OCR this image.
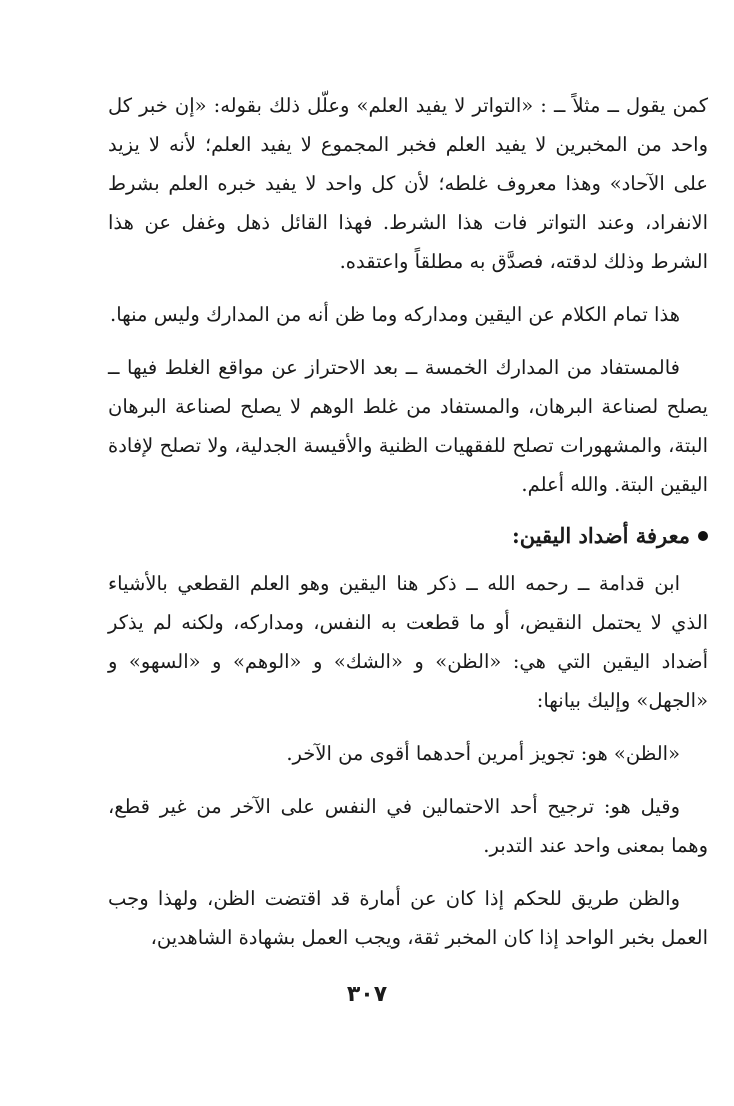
كمن يقول ــ مثلاً ــ : «التواتر لا يفيد العلم» وعلّل ذلك بقوله: «إن خبر كل واحد من المخبرين لا يفيد العلم فخبر المجموع لا يفيد العلم؛ لأنه لا يزيد على الآحاد» وهذا معروف غلطه؛ لأن كل واحد لا يفيد خبره العلم بشرط الانفراد، وعند التواتر فات هذا الشرط. فهذا القائل ذهل وغفل عن هذا الشرط وذلك لدقته، فصدَّق به مطلقاً واعتقده.

هذا تمام الكلام عن اليقين ومداركه وما ظن أنه من المدارك وليس منها.

فالمستفاد من المدارك الخمسة ــ بعد الاحتراز عن مواقع الغلط فيها ــ يصلح لصناعة البرهان، والمستفاد من غلط الوهم لا يصلح لصناعة البرهان البتة، والمشهورات تصلح للفقهيات الظنية والأقيسة الجدلية، ولا تصلح لإفادة اليقين البتة. والله أعلم.

معرفة أضداد اليقين:

ابن قدامة ــ رحمه الله ــ ذكر هنا اليقين وهو العلم القطعي بالأشياء الذي لا يحتمل النقيض، أو ما قطعت به النفس، ومداركه، ولكنه لم يذكر أضداد اليقين التي هي: «الظن» و «الشك» و «الوهم» و «السهو» و «الجهل» وإليك بيانها:

«الظن» هو: تجويز أمرين أحدهما أقوى من الآخر.

وقيل هو: ترجيح أحد الاحتمالين في النفس على الآخر من غير قطع، وهما بمعنى واحد عند التدبر.

والظن طريق للحكم إذا كان عن أمارة قد اقتضت الظن، ولهذا وجب العمل بخبر الواحد إذا كان المخبر ثقة، ويجب العمل بشهادة الشاهدين،

٣٠٧
